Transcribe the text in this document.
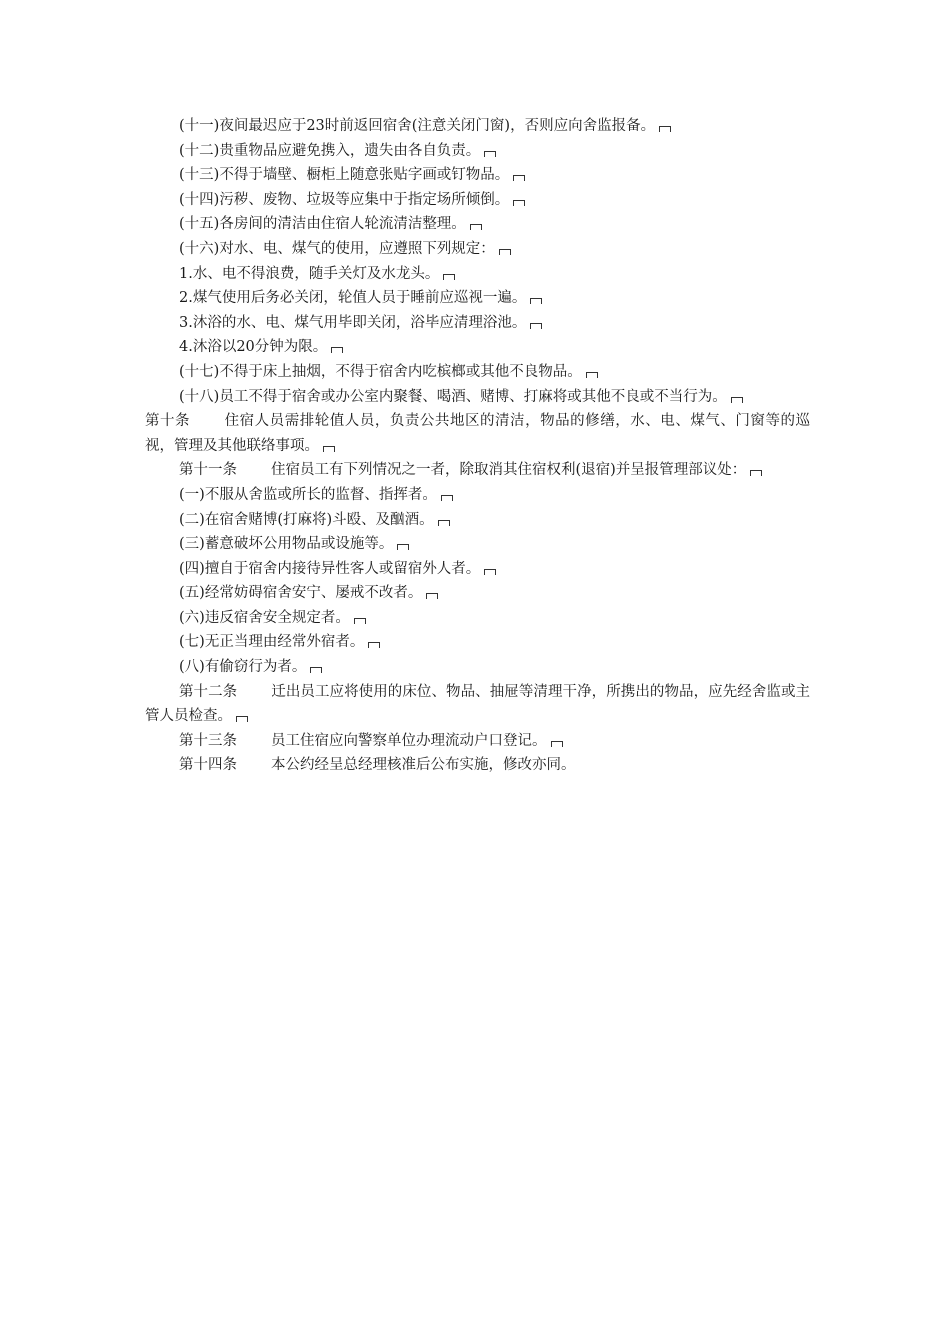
(十一)夜间最迟应于23时前返回宿舍(注意关闭门窗)，否则应向舍监报备。
(十二)贵重物品应避免携入，遗失由各自负责。
(十三)不得于墙壁、橱柜上随意张贴字画或钉物品。
(十四)污秽、废物、垃圾等应集中于指定场所倾倒。
(十五)各房间的清洁由住宿人轮流清洁整理。
(十六)对水、电、煤气的使用，应遵照下列规定：
1.水、电不得浪费，随手关灯及水龙头。
2.煤气使用后务必关闭，轮值人员于睡前应巡视一遍。
3.沐浴的水、电、煤气用毕即关闭，浴毕应清理浴池。
4.沐浴以20分钟为限。
(十七)不得于床上抽烟，不得于宿舍内吃槟榔或其他不良物品。
(十八)员工不得于宿舍或办公室内聚餐、喝酒、赌博、打麻将或其他不良或不当行为。
第十条 住宿人员需排轮值人员，负责公共地区的清洁，物品的修缮，水、电、煤气、门窗等的巡视，管理及其他联络事项。
第十一条 住宿员工有下列情况之一者，除取消其住宿权利(退宿)并呈报管理部议处：
(一)不服从舍监或所长的监督、指挥者。
(二)在宿舍赌博(打麻将)斗殴、及酗酒。
(三)蓄意破坏公用物品或设施等。
(四)擅自于宿舍内接待异性客人或留宿外人者。
(五)经常妨碍宿舍安宁、屡戒不改者。
(六)违反宿舍安全规定者。
(七)无正当理由经常外宿者。
(八)有偷窃行为者。
第十二条 迁出员工应将使用的床位、物品、抽屉等清理干净，所携出的物品，应先经舍监或主管人员检查。
第十三条 员工住宿应向警察单位办理流动户口登记。
第十四条 本公约经呈总经理核准后公布实施，修改亦同。
